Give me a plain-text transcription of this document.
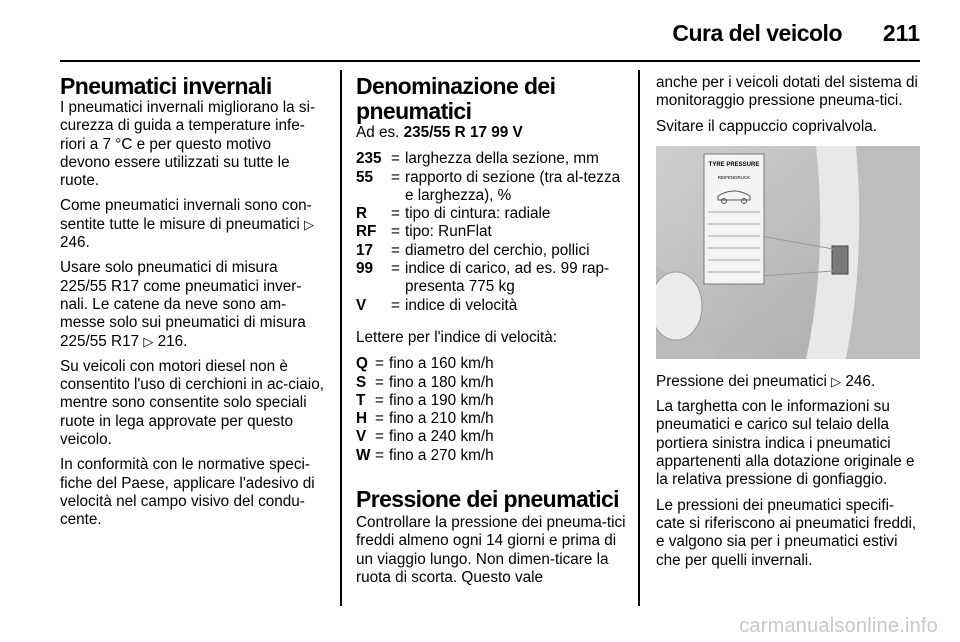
Cura del veicolo 211
Pneumatici invernali

I pneumatici invernali migliorano la si-curezza di guida a temperature infe-riori a 7 °C e per questo motivo devono essere utilizzati su tutte le ruote.

Come pneumatici invernali sono con-sentite tutte le misure di pneumatici ▷ 246.

Usare solo pneumatici di misura 225/55 R17 come pneumatici inver-nali. Le catene da neve sono am-messe solo sui pneumatici di misura 225/55 R17 ▷ 216.

Su veicoli con motori diesel non è consentito l'uso di cerchioni in ac-ciaio, mentre sono consentite solo speciali ruote in lega approvate per questo veicolo.

In conformità con le normative speci-fiche del Paese, applicare l'adesivo di velocità nel campo visivo del condu-cente.

Denominazione dei
pneumatici

Ad es. 235/55 R 17 99 V

235 = larghezza della sezione, mm
55	= rapporto di sezione (tra al-tezza e larghezza), %
R	= tipo di cintura: radiale
RF = tipo: RunFlat
17	= diametro del cerchio, pollici
99	= indice di carico, ad es. 99 rap-presenta 775 kg
V	= indice di velocità

Lettere per l'indice di velocità:

Q = fino a 160 km/h
S = fino a 180 km/h
T = fino a 190 km/h
H = fino a 210 km/h
V = fino a 240 km/h
W = fino a 270 km/h
Pressione dei pneumatici

Controllare la pressione dei pneuma-tici freddi almeno ogni 14 giorni e prima di un viaggio lungo. Non dimen-ticare la ruota di scorta. Questo vale

anche per i veicoli dotati del sistema di monitoraggio pressione pneuma-tici.

Svitare il cappuccio coprivalvola.

TYRE PRESSURE
REIFENDRUCK

Pressione dei pneumatici ▷ 246.

La targhetta con le informazioni su pneumatici e carico sul telaio della portiera sinistra indica i pneumatici appartenenti alla dotazione originale e la relativa pressione di gonfiaggio.

Le pressioni dei pneumatici specifi-cate si riferiscono ai pneumatici freddi, e valgono sia per i pneumatici estivi che per quelli invernali.

carmanualsonline.info
